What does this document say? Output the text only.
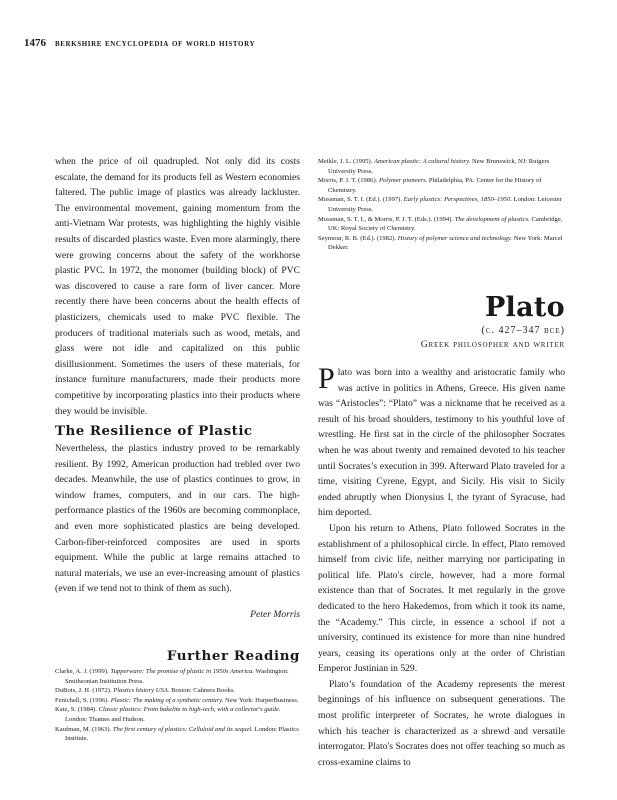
1476 berkshire encyclopedia of world history

when the price of oil quadrupled. Not only did its costs escalate, the demand for its products fell as Western economies faltered. The public image of plastics was already lackluster. The environmental movement, gaining momentum from the anti-Vietnam War protests, was highlighting the highly visible results of discarded plastics waste. Even more alarmingly, there were growing concerns about the safety of the workhorse plastic PVC. In 1972, the monomer (building block) of PVC was discovered to cause a rare form of liver cancer. More recently there have been concerns about the health effects of plasticizers, chemicals used to make PVC flexible. The producers of traditional materials such as wood, metals, and glass were not idle and capitalized on this public disillusionment. Sometimes the users of these materials, for instance furniture manufacturers, made their products more competitive by incorporating plastics into their products where they would be invisible.

The Resilience of Plastic

Nevertheless, the plastics industry proved to be remarkably resilient. By 1992, American production had trebled over two decades. Meanwhile, the use of plastics continues to grow, in window frames, computers, and in our cars. The high-performance plastics of the 1960s are becoming commonplace, and even more sophisticated plastics are being developed. Carbon-fiber-reinforced composites are used in sports equipment. While the public at large remains attached to natural materials, we use an ever-increasing amount of plastics (even if we tend not to think of them as such).

Peter Morris
Further Reading

Clarke, A. J. (1999). Tupperware: The promise of plastic in 1950s America. Washington: Smithsonian Institution Press.

DuBois, J. H. (1972). Plastics history USA. Boston: Cahners Books.

Fenichell, S. (1996). Plastic: The making of a synthetic century. New York: HarperBusiness.

Katz, S. (1984). Classic plastics: From bakelite to high-tech, with a collector's guide. London: Thames and Hudson.

Kaufman, M. (1963). The first century of plastics: Celluloid and its sequel. London: Plastics Institute.

Meikle, J. L. (1995). American plastic: A cultural history. New Brunswick, NJ: Rutgers University Press.

Morris, P. J. T. (1986). Polymer pioneers. Philadelphia, PA: Center for the History of Chemistry.

Mossman, S. T. I. (Ed.). (1997). Early plastics: Perspectives, 1850–1950. London: Leicester University Press.

Mossman, S. T. I., & Morris, P. J. T. (Eds.). (1994). The development of plastics. Cambridge, UK: Royal Society of Chemistry.

Seymour, R. B. (Ed.). (1982). History of polymer science and technology. New York: Marcel Dekker.

Plato
(c. 427–347 bce)
Greek philosopher and writer

Plato was born into a wealthy and aristocratic family who was active in politics in Athens, Greece. His given name was “Aristocles”: “Plato” was a nickname that he received as a result of his broad shoulders, testimony to his youthful love of wrestling. He first sat in the circle of the philosopher Socrates when he was about twenty and remained devoted to his teacher until Socrates’s execution in 399. Afterward Plato traveled for a time, visiting Cyrene, Egypt, and Sicily. His visit to Sicily ended abruptly when Dionysius I, the tyrant of Syracuse, had him deported.

Upon his return to Athens, Plato followed Socrates in the establishment of a philosophical circle. In effect, Plato removed himself from civic life, neither marrying nor participating in political life. Plato's circle, however, had a more formal existence than that of Socrates. It met regularly in the grove dedicated to the hero Hakedemos, from which it took its name, the “Academy.” This circle, in essence a school if not a university, continued its existence for more than nine hundred years, ceasing its operations only at the order of Christian Emperor Justinian in 529.

Plato’s foundation of the Academy represents the merest beginnings of his influence on subsequent generations. The most prolific interpreter of Socrates, he wrote dialogues in which his teacher is characterized as a shrewd and versatile interrogator. Plato's Socrates does not offer teaching so much as cross-examine claims to
